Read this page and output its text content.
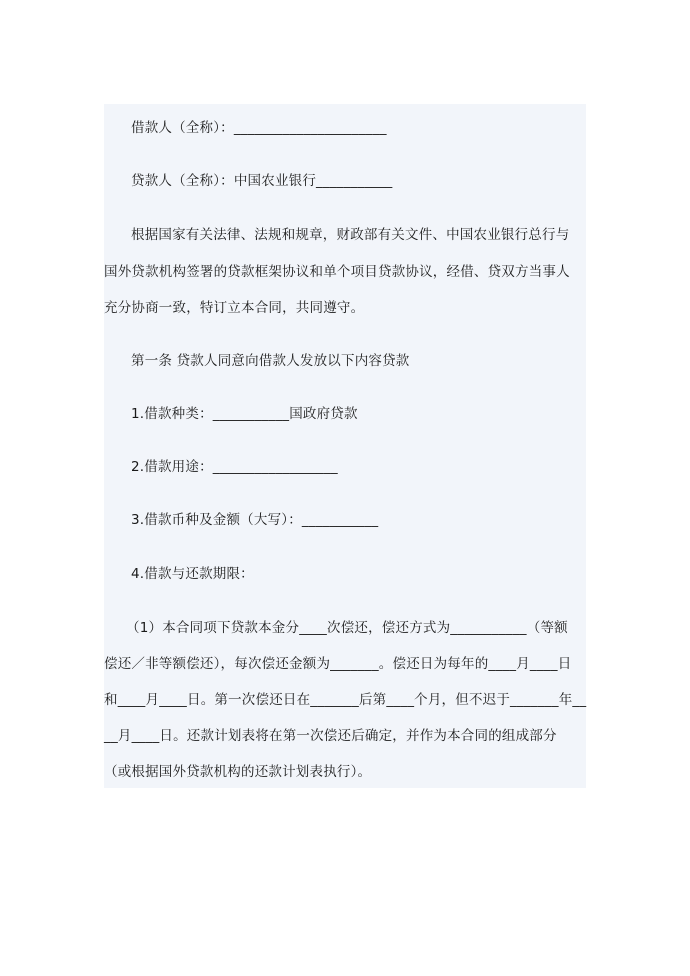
借款人（全称）：______________________

贷款人（全称）：中国农业银行___________

根据国家有关法律、法规和规章，财政部有关文件、中国农业银行总行与

国外贷款机构签署的贷款框架协议和单个项目贷款协议，经借、贷双方当事人

充分协商一致，特订立本合同，共同遵守。

第一条 贷款人同意向借款人发放以下内容贷款

1.借款种类：___________国政府贷款

2.借款用途：__________________

3.借款币种及金额（大写）：___________

4.借款与还款期限：

（1）本合同项下贷款本金分____次偿还，偿还方式为___________（等额

偿还／非等额偿还），每次偿还金额为_______。偿还日为每年的____月____日

和____月____日。第一次偿还日在_______后第____个月，但不迟于_______年__

__月____日。还款计划表将在第一次偿还后确定，并作为本合同的组成部分

（或根据国外贷款机构的还款计划表执行）。
